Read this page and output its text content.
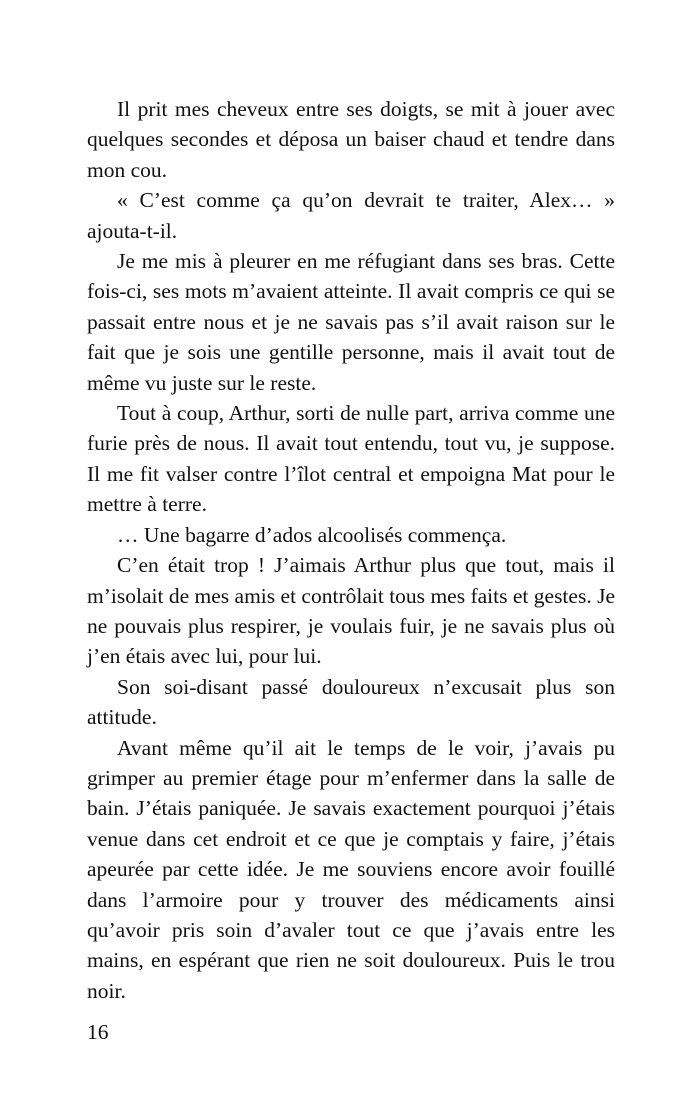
Il prit mes cheveux entre ses doigts, se mit à jouer avec quelques secondes et déposa un baiser chaud et tendre dans mon cou.

« C’est comme ça qu’on devrait te traiter, Alex… » ajouta-t-il.

Je me mis à pleurer en me réfugiant dans ses bras. Cette fois-ci, ses mots m’avaient atteinte. Il avait compris ce qui se passait entre nous et je ne savais pas s’il avait raison sur le fait que je sois une gentille personne, mais il avait tout de même vu juste sur le reste.

Tout à coup, Arthur, sorti de nulle part, arriva comme une furie près de nous. Il avait tout entendu, tout vu, je suppose. Il me fit valser contre l’îlot central et empoigna Mat pour le mettre à terre.

… Une bagarre d’ados alcoolisés commença.

C’en était trop ! J’aimais Arthur plus que tout, mais il m’isolait de mes amis et contrôlait tous mes faits et gestes. Je ne pouvais plus respirer, je voulais fuir, je ne savais plus où j’en étais avec lui, pour lui.

Son soi-disant passé douloureux n’excusait plus son attitude.

Avant même qu’il ait le temps de le voir, j’avais pu grimper au premier étage pour m’enfermer dans la salle de bain. J’étais paniquée. Je savais exactement pourquoi j’étais venue dans cet endroit et ce que je comptais y faire, j’étais apeurée par cette idée. Je me souviens encore avoir fouillé dans l’armoire pour y trouver des médicaments ainsi qu’avoir pris soin d’avaler tout ce que j’avais entre les mains, en espérant que rien ne soit douloureux. Puis le trou noir.

16
